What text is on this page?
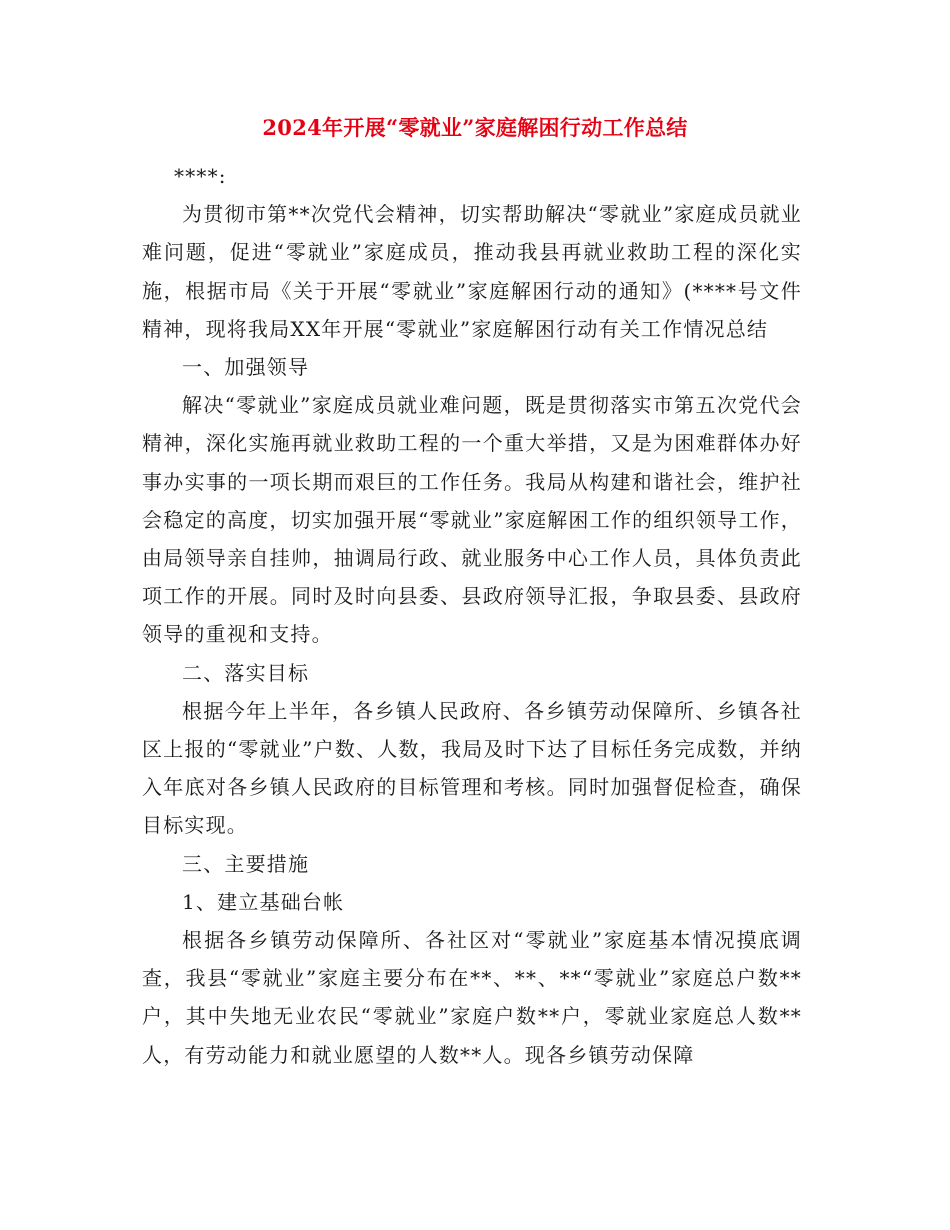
2024年开展“零就业”家庭解困行动工作总结

****:

为贯彻市第**次党代会精神，切实帮助解决“零就业”家庭成员就业难问题，促进“零就业”家庭成员，推动我县再就业救助工程的深化实施，根据市局《关于开展“零就业”家庭解困行动的通知》(****号文件精神，现将我局XX年开展“零就业”家庭解困行动有关工作情况总结

一、加强领导

解决“零就业”家庭成员就业难问题，既是贯彻落实市第五次党代会精神，深化实施再就业救助工程的一个重大举措，又是为困难群体办好事办实事的一项长期而艰巨的工作任务。我局从构建和谐社会，维护社会稳定的高度，切实加强开展“零就业”家庭解困工作的组织领导工作，由局领导亲自挂帅，抽调局行政、就业服务中心工作人员，具体负责此项工作的开展。同时及时向县委、县政府领导汇报，争取县委、县政府领导的重视和支持。

二、落实目标

根据今年上半年，各乡镇人民政府、各乡镇劳动保障所、乡镇各社区上报的“零就业”户数、人数，我局及时下达了目标任务完成数，并纳入年底对各乡镇人民政府的目标管理和考核。同时加强督促检查，确保目标实现。

三、主要措施

1、建立基础台帐

根据各乡镇劳动保障所、各社区对“零就业”家庭基本情况摸底调查，我县“零就业”家庭主要分布在**、**、**“零就业”家庭总户数**户，其中失地无业农民“零就业”家庭户数**户，零就业家庭总人数**人，有劳动能力和就业愿望的人数**人。现各乡镇劳动保障
